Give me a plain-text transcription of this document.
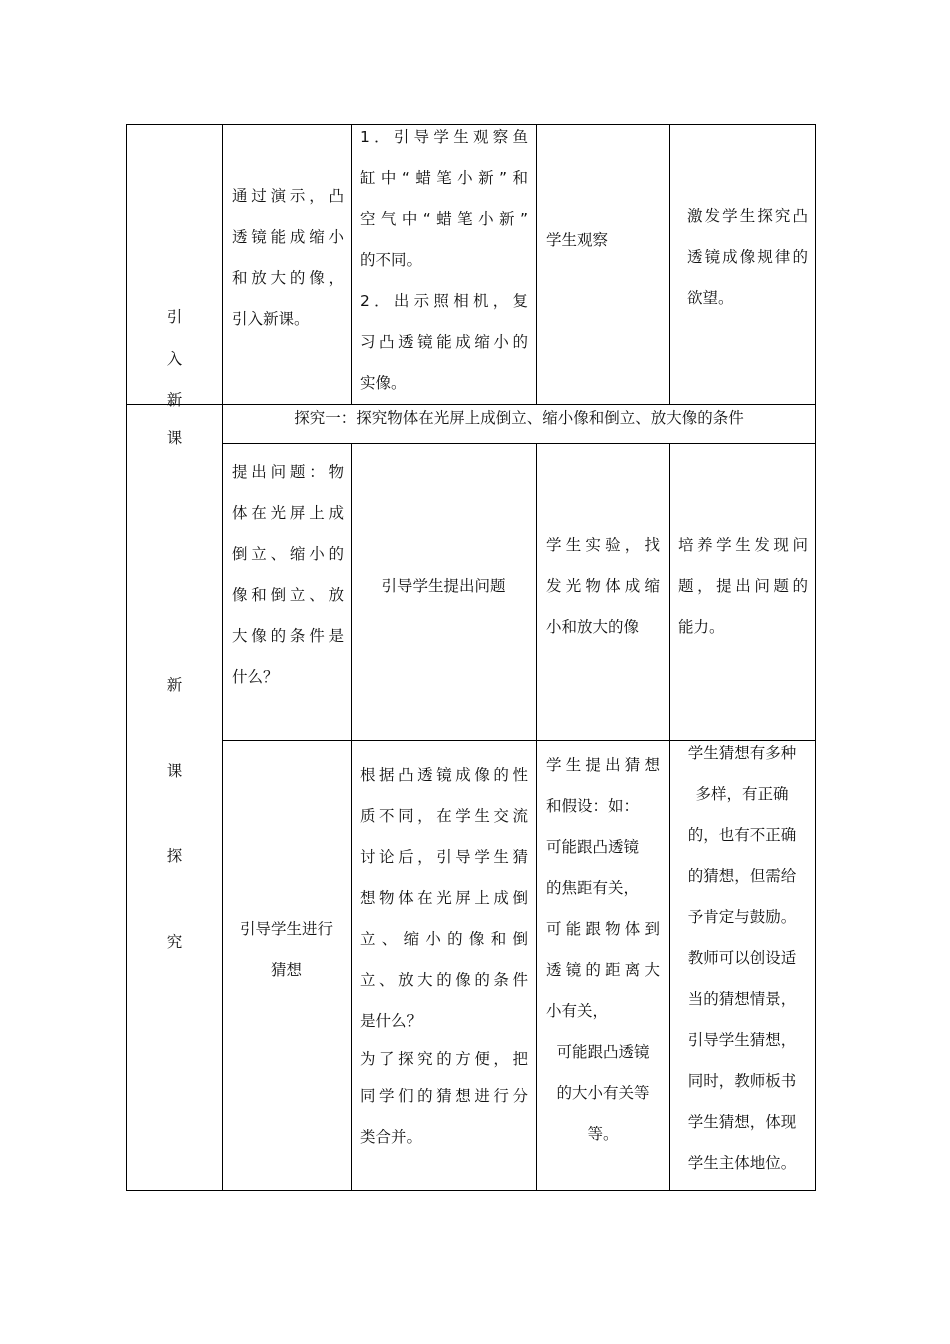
引

入

新

课

通过演示，凸

透镜能成缩小

和放大的像，

引入新课。

1．引导学生观察鱼

缸中“蜡笔小新”和

空气中“蜡笔小新”

的不同。

2．出示照相机，复

习凸透镜能成缩小的

实像。

学生观察

激发学生探究凸

透镜成像规律的

欲望。

新

课

探

究

探究一：探究物体在光屏上成倒立、缩小像和倒立、放大像的条件

提出问题：物

体在光屏上成

倒立、缩小的

像和倒立、放

大像的条件是

什么？

引导学生提出问题

学生实验，找

发光物体成缩

小和放大的像

培养学生发现问

题，提出问题的

能力。

引导学生进行

猜想

根据凸透镜成像的性

质不同，在学生交流

讨论后，引导学生猜

想物体在光屏上成倒

立、缩小的像和倒

立、放大的像的条件

是什么？

为了探究的方便，把

同学们的猜想进行分

类合并。

学生提出猜想

和假设：如：

可能跟凸透镜

的焦距有关，

可能跟物体到

透镜的距离大

小有关，

可能跟凸透镜

的大小有关等

等。

学生猜想有多种

多样，有正确

的，也有不正确

的猜想，但需给

予肯定与鼓励。

教师可以创设适

当的猜想情景，

引导学生猜想，

同时，教师板书

学生猜想，体现

学生主体地位。
